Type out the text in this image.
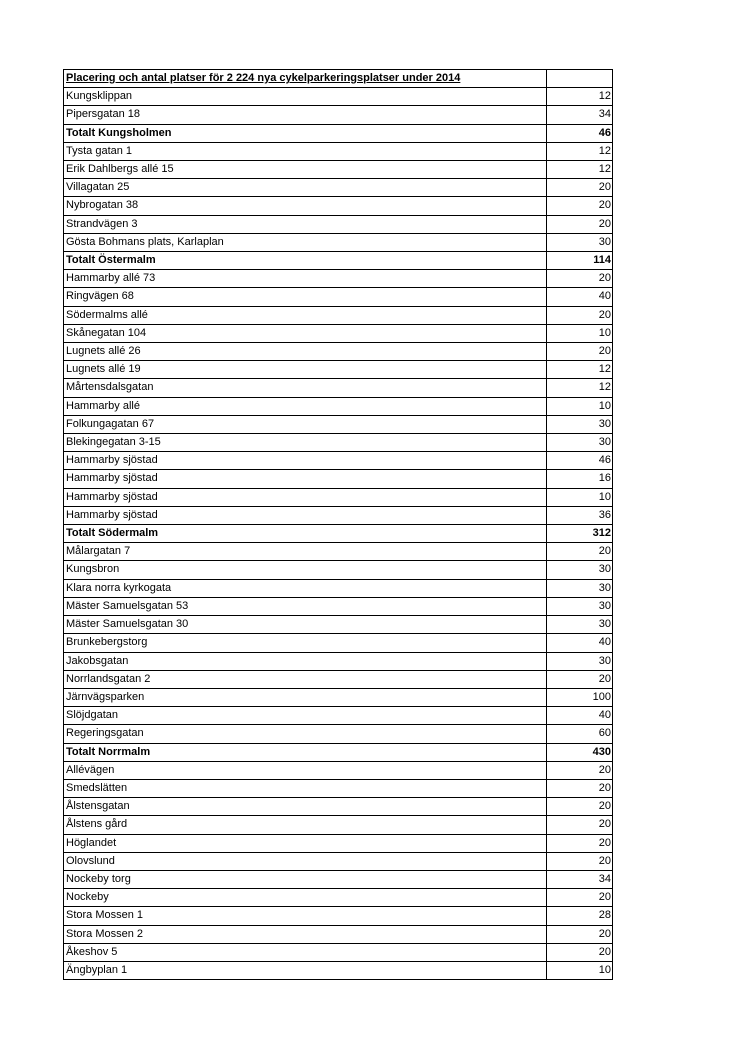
Placering och antal platser för 2 224 nya cykelparkeringsplatser under 2014	
Kungsklippan	12
Pipersgatan 18	34
Totalt Kungsholmen	46
Tysta gatan 1	12
Erik Dahlbergs allé 15	12
Villagatan 25	20
Nybrogatan 38	20
Strandvägen 3	20
Gösta Bohmans plats, Karlaplan	30
Totalt Östermalm	114
Hammarby allé 73	20
Ringvägen 68	40
Södermalms allé	20
Skånegatan 104	10
Lugnets allé 26	20
Lugnets allé 19	12
Mårtensdalsgatan	12
Hammarby allé	10
Folkungagatan 67	30
Blekingegatan 3-15	30
Hammarby sjöstad	46
Hammarby sjöstad	16
Hammarby sjöstad	10
Hammarby sjöstad	36
Totalt Södermalm	312
Målargatan 7	20
Kungsbron	30
Klara norra kyrkogata	30
Mäster Samuelsgatan 53	30
Mäster Samuelsgatan 30	30
Brunkebergstorg	40
Jakobsgatan	30
Norrlandsgatan 2	20
Järnvägsparken	100
Slöjdgatan	40
Regeringsgatan	60
Totalt Norrmalm	430
Allévägen	20
Smedslätten	20
Ålstensgatan	20
Ålstens gård	20
Höglandet	20
Olovslund	20
Nockeby torg	34
Nockeby	20
Stora Mossen 1	28
Stora Mossen 2	20
Åkeshov 5	20
Ängbyplan 1	10
